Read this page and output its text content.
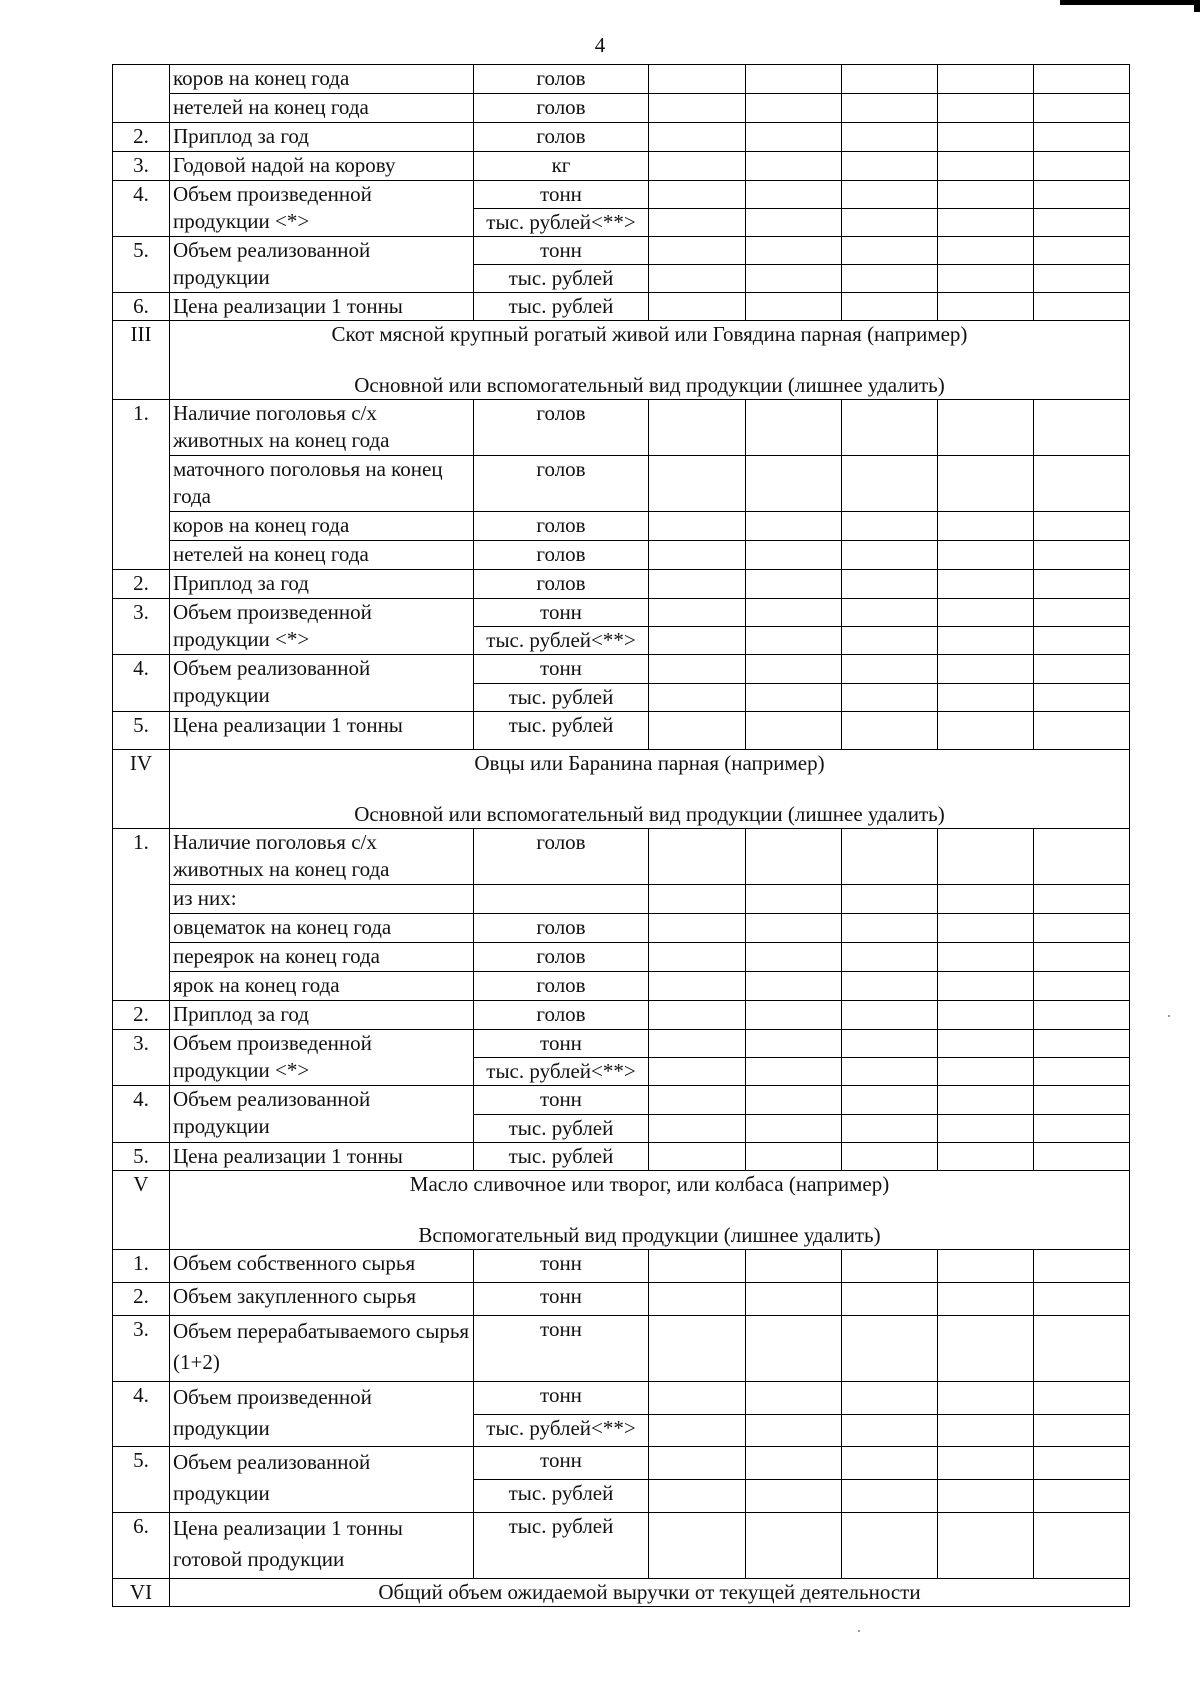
4
	коров на конец года	голов					
	нетелей на конец года	голов					
2.	Приплод за год	голов					
3.	Годовой надой на корову	кг					
4.	Объем произведенной продукции <*>	тонн					
		тыс. рублей<**>					
5.	Объем реализованной продукции	тонн					
		тыс. рублей					
6.	Цена реализации 1 тонны	тыс. рублей					
III	Скот мясной крупный рогатый живой или Говядина парная (например)
Основной или вспомогательный вид продукции (лишнее удалить)						

1.	Наличие поголовья с/х животных на конец года	голов					
	маточного поголовья на конец года	голов					
	коров на конец года	голов					
	нетелей на конец года	голов					
2.	Приплод за год	голов					
3.	Объем произведенной продукции <*>	тонн					
		тыс. рублей<**>					
4.	Объем реализованной продукции	тонн					
		тыс. рублей					
5.	Цена реализации 1 тонны	тыс. рублей					
IV	Овцы или Баранина парная (например)
Основной или вспомогательный вид продукции (лишнее удалить)						

1.	Наличие поголовья с/х животных на конец года	голов					
	из них:						
	овцематок на конец года	голов					
	переярок на конец года	голов					
	ярок на конец года	голов					
2.	Приплод за год	голов					
3.	Объем произведенной продукции <*>	тонн					
		тыс. рублей<**>					
4.	Объем реализованной продукции	тонн					
		тыс. рублей					
5.	Цена реализации 1 тонны	тыс. рублей					
V	Масло сливочное или творог, или колбаса (например)
Вспомогательный вид продукции (лишнее удалить)						

1.	Объем собственного сырья	тонн					
2.	Объем закупленного сырья	тонн					
3.	Объем перерабатываемого сырья (1+2)	тонн					
4.	Объем произведенной продукции	тонн					
		тыс. рублей<**>					
5.	Объем реализованной продукции	тонн					
		тыс. рублей					
6.	Цена реализации 1 тонны готовой продукции	тыс. рублей					
VI	Общий объем ожидаемой выручки от текущей деятельности						
